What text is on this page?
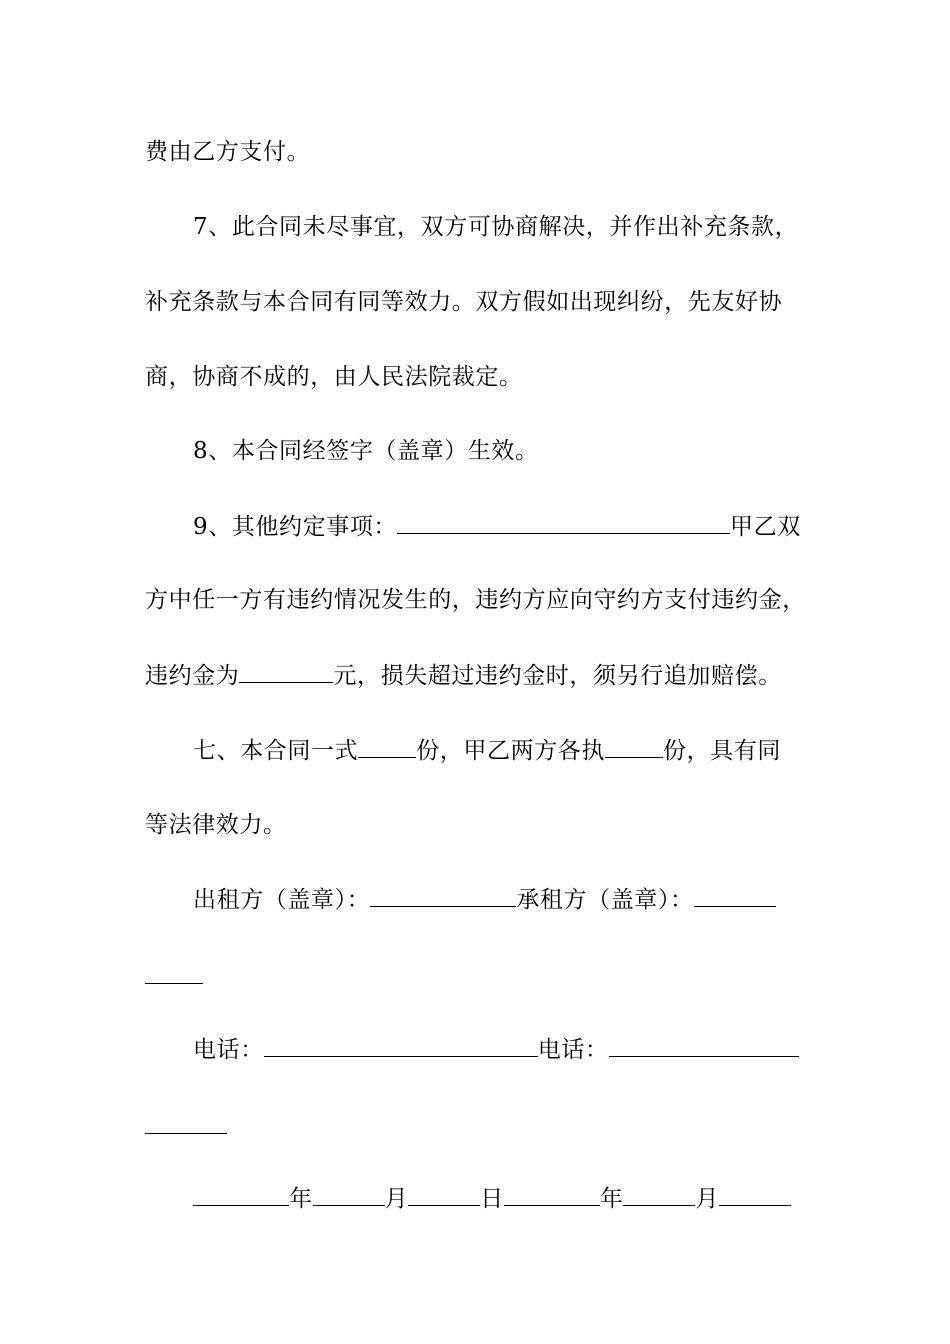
费由乙方支付。
7、此合同未尽事宜，双方可协商解决，并作出补充条款，
补充条款与本合同有同等效力。双方假如出现纠纷，先友好协
商，协商不成的，由人民法院裁定。
8、本合同经签字（盖章）生效。
9、其他约定事项：	甲乙双
方中任一方有违约情况发生的，违约方应向守约方支付违约金，
违约金为	元，损失超过违约金时，须另行追加赔偿。
七、本合同一式	份，甲乙两方各执	份，具有同
等法律效力。
出租方（盖章）：	承租方（盖章）：
电话：	电话：
年	月	日	年	月
